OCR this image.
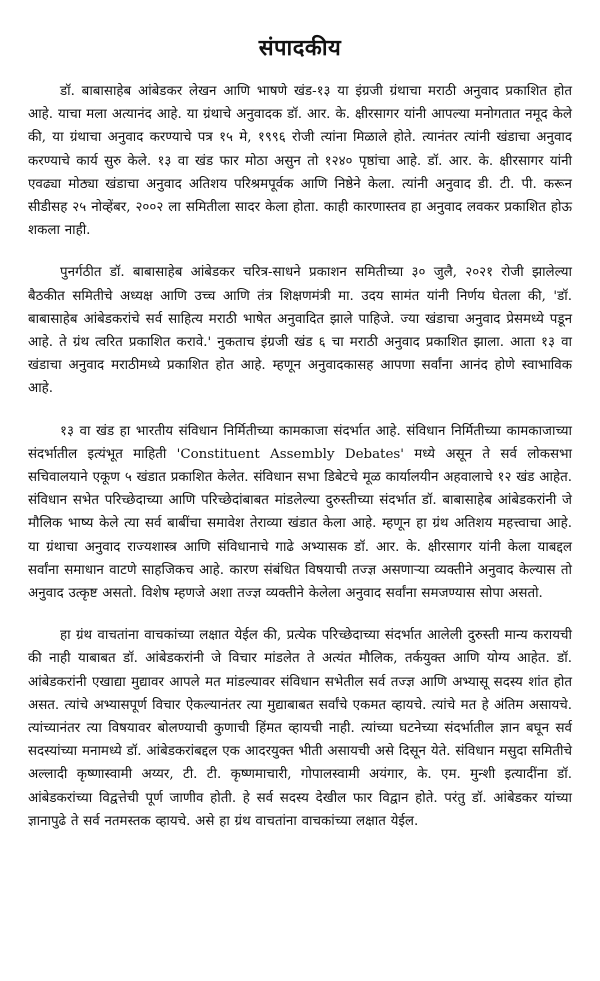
संपादकीय

डॉ. बाबासाहेब आंबेडकर लेखन आणि भाषणे खंड-१३ या इंग्रजी ग्रंथाचा मराठी अनुवाद प्रकाशित होत आहे. याचा मला अत्यानंद आहे. या ग्रंथाचे अनुवादक डॉ. आर. के. क्षीरसागर यांनी आपल्या मनोगतात नमूद केले की, या ग्रंथाचा अनुवाद करण्याचे पत्र १५ मे, १९९६ रोजी त्यांना मिळाले होते. त्यानंतर त्यांनी खंडाचा अनुवाद करण्याचे कार्य सुरु केले. १३ वा खंड फार मोठा असुन तो १२४० पृष्ठांचा आहे. डॉ. आर. के. क्षीरसागर यांनी एवढ्या मोठ्या खंडाचा अनुवाद अतिशय परिश्रमपूर्वक आणि निष्ठेने केला. त्यांनी अनुवाद डी. टी. पी. करून सीडीसह २५ नोव्हेंबर, २००२ ला समितीला सादर केला होता. काही कारणास्तव हा अनुवाद लवकर प्रकाशित होऊ शकला नाही.

पुनर्गठीत डॉ. बाबासाहेब आंबेडकर चरित्र-साधने प्रकाशन समितीच्या ३० जुलै, २०२१ रोजी झालेल्या बैठकीत समितीचे अध्यक्ष आणि उच्च आणि तंत्र शिक्षणमंत्री मा. उदय सामंत यांनी निर्णय घेतला की, 'डॉ. बाबासाहेब आंबेडकरांचे सर्व साहित्य मराठी भाषेत अनुवादित झाले पाहिजे. ज्या खंडाचा अनुवाद प्रेसमध्ये पडून आहे. ते ग्रंथ त्वरित प्रकाशित करावे.' नुकताच इंग्रजी खंड ६ चा मराठी अनुवाद प्रकाशित झाला. आता १३ वा खंडाचा अनुवाद मराठीमध्ये प्रकाशित होत आहे. म्हणून अनुवादकासह आपणा सर्वांना आनंद होणे स्वाभाविक आहे.

१३ वा खंड हा भारतीय संविधान निर्मितीच्या कामकाजा संदर्भात आहे. संविधान निर्मितीच्या कामकाजाच्या संदर्भातील इत्यंभूत माहिती 'Constituent Assembly Debates' मध्ये असून ते सर्व लोकसभा सचिवालयाने एकूण ५ खंडात प्रकाशित केलेत. संविधान सभा डिबेटचे मूळ कार्यालयीन अहवालाचे १२ खंड आहेत. संविधान सभेत परिच्छेदाच्या आणि परिच्छेदांबाबत मांडलेल्या दुरुस्तीच्या संदर्भात डॉ. बाबासाहेब आंबेडकरांनी जे मौलिक भाष्य केले त्या सर्व बाबींचा समावेश तेराव्या खंडात केला आहे. म्हणून हा ग्रंथ अतिशय महत्त्वाचा आहे. या ग्रंथाचा अनुवाद राज्यशास्त्र आणि संविधानाचे गाढे अभ्यासक डॉ. आर. के. क्षीरसागर यांनी केला याबद्दल सर्वांना समाधान वाटणे साहजिकच आहे. कारण संबंधित विषयाची तज्ज्ञ असणाऱ्या व्यक्तीने अनुवाद केल्यास तो अनुवाद उत्कृष्ट असतो. विशेष म्हणजे अशा तज्ज्ञ व्यक्तीने केलेला अनुवाद सर्वांना समजण्यास सोपा असतो.

हा ग्रंथ वाचतांना वाचकांच्या लक्षात येईल की, प्रत्येक परिच्छेदाच्या संदर्भात आलेली दुरुस्ती मान्य करायची की नाही याबाबत डॉ. आंबेडकरांनी जे विचार मांडलेत ते अत्यंत मौलिक, तर्कयुक्त आणि योग्य आहेत. डॉ. आंबेडकरांनी एखाद्या मुद्यावर आपले मत मांडल्यावर संविधान सभेतील सर्व तज्ज्ञ आणि अभ्यासू सदस्य शांत होत असत. त्यांचे अभ्यासपूर्ण विचार ऐकल्यानंतर त्या मुद्याबाबत सर्वांचे एकमत व्हायचे. त्यांचे मत हे अंतिम असायचे. त्यांच्यानंतर त्या विषयावर बोलण्याची कुणाची हिंमत व्हायची नाही. त्यांच्या घटनेच्या संदर्भातील ज्ञान बघून सर्व सदस्यांच्या मनामध्ये डॉ. आंबेडकरांबद्दल एक आदरयुक्त भीती असायची असे दिसून येते. संविधान मसुदा समितीचे अल्लादी कृष्णास्वामी अय्यर, टी. टी. कृष्णमाचारी, गोपालस्वामी अयंगार, के. एम. मुन्शी इत्यादींना डॉ. आंबेडकरांच्या विद्वत्तेची पूर्ण जाणीव होती. हे सर्व सदस्य देखील फार विद्वान होते. परंतु डॉ. आंबेडकर यांच्या ज्ञानापुढे ते सर्व नतमस्तक व्हायचे. असे हा ग्रंथ वाचतांना वाचकांच्या लक्षात येईल.
